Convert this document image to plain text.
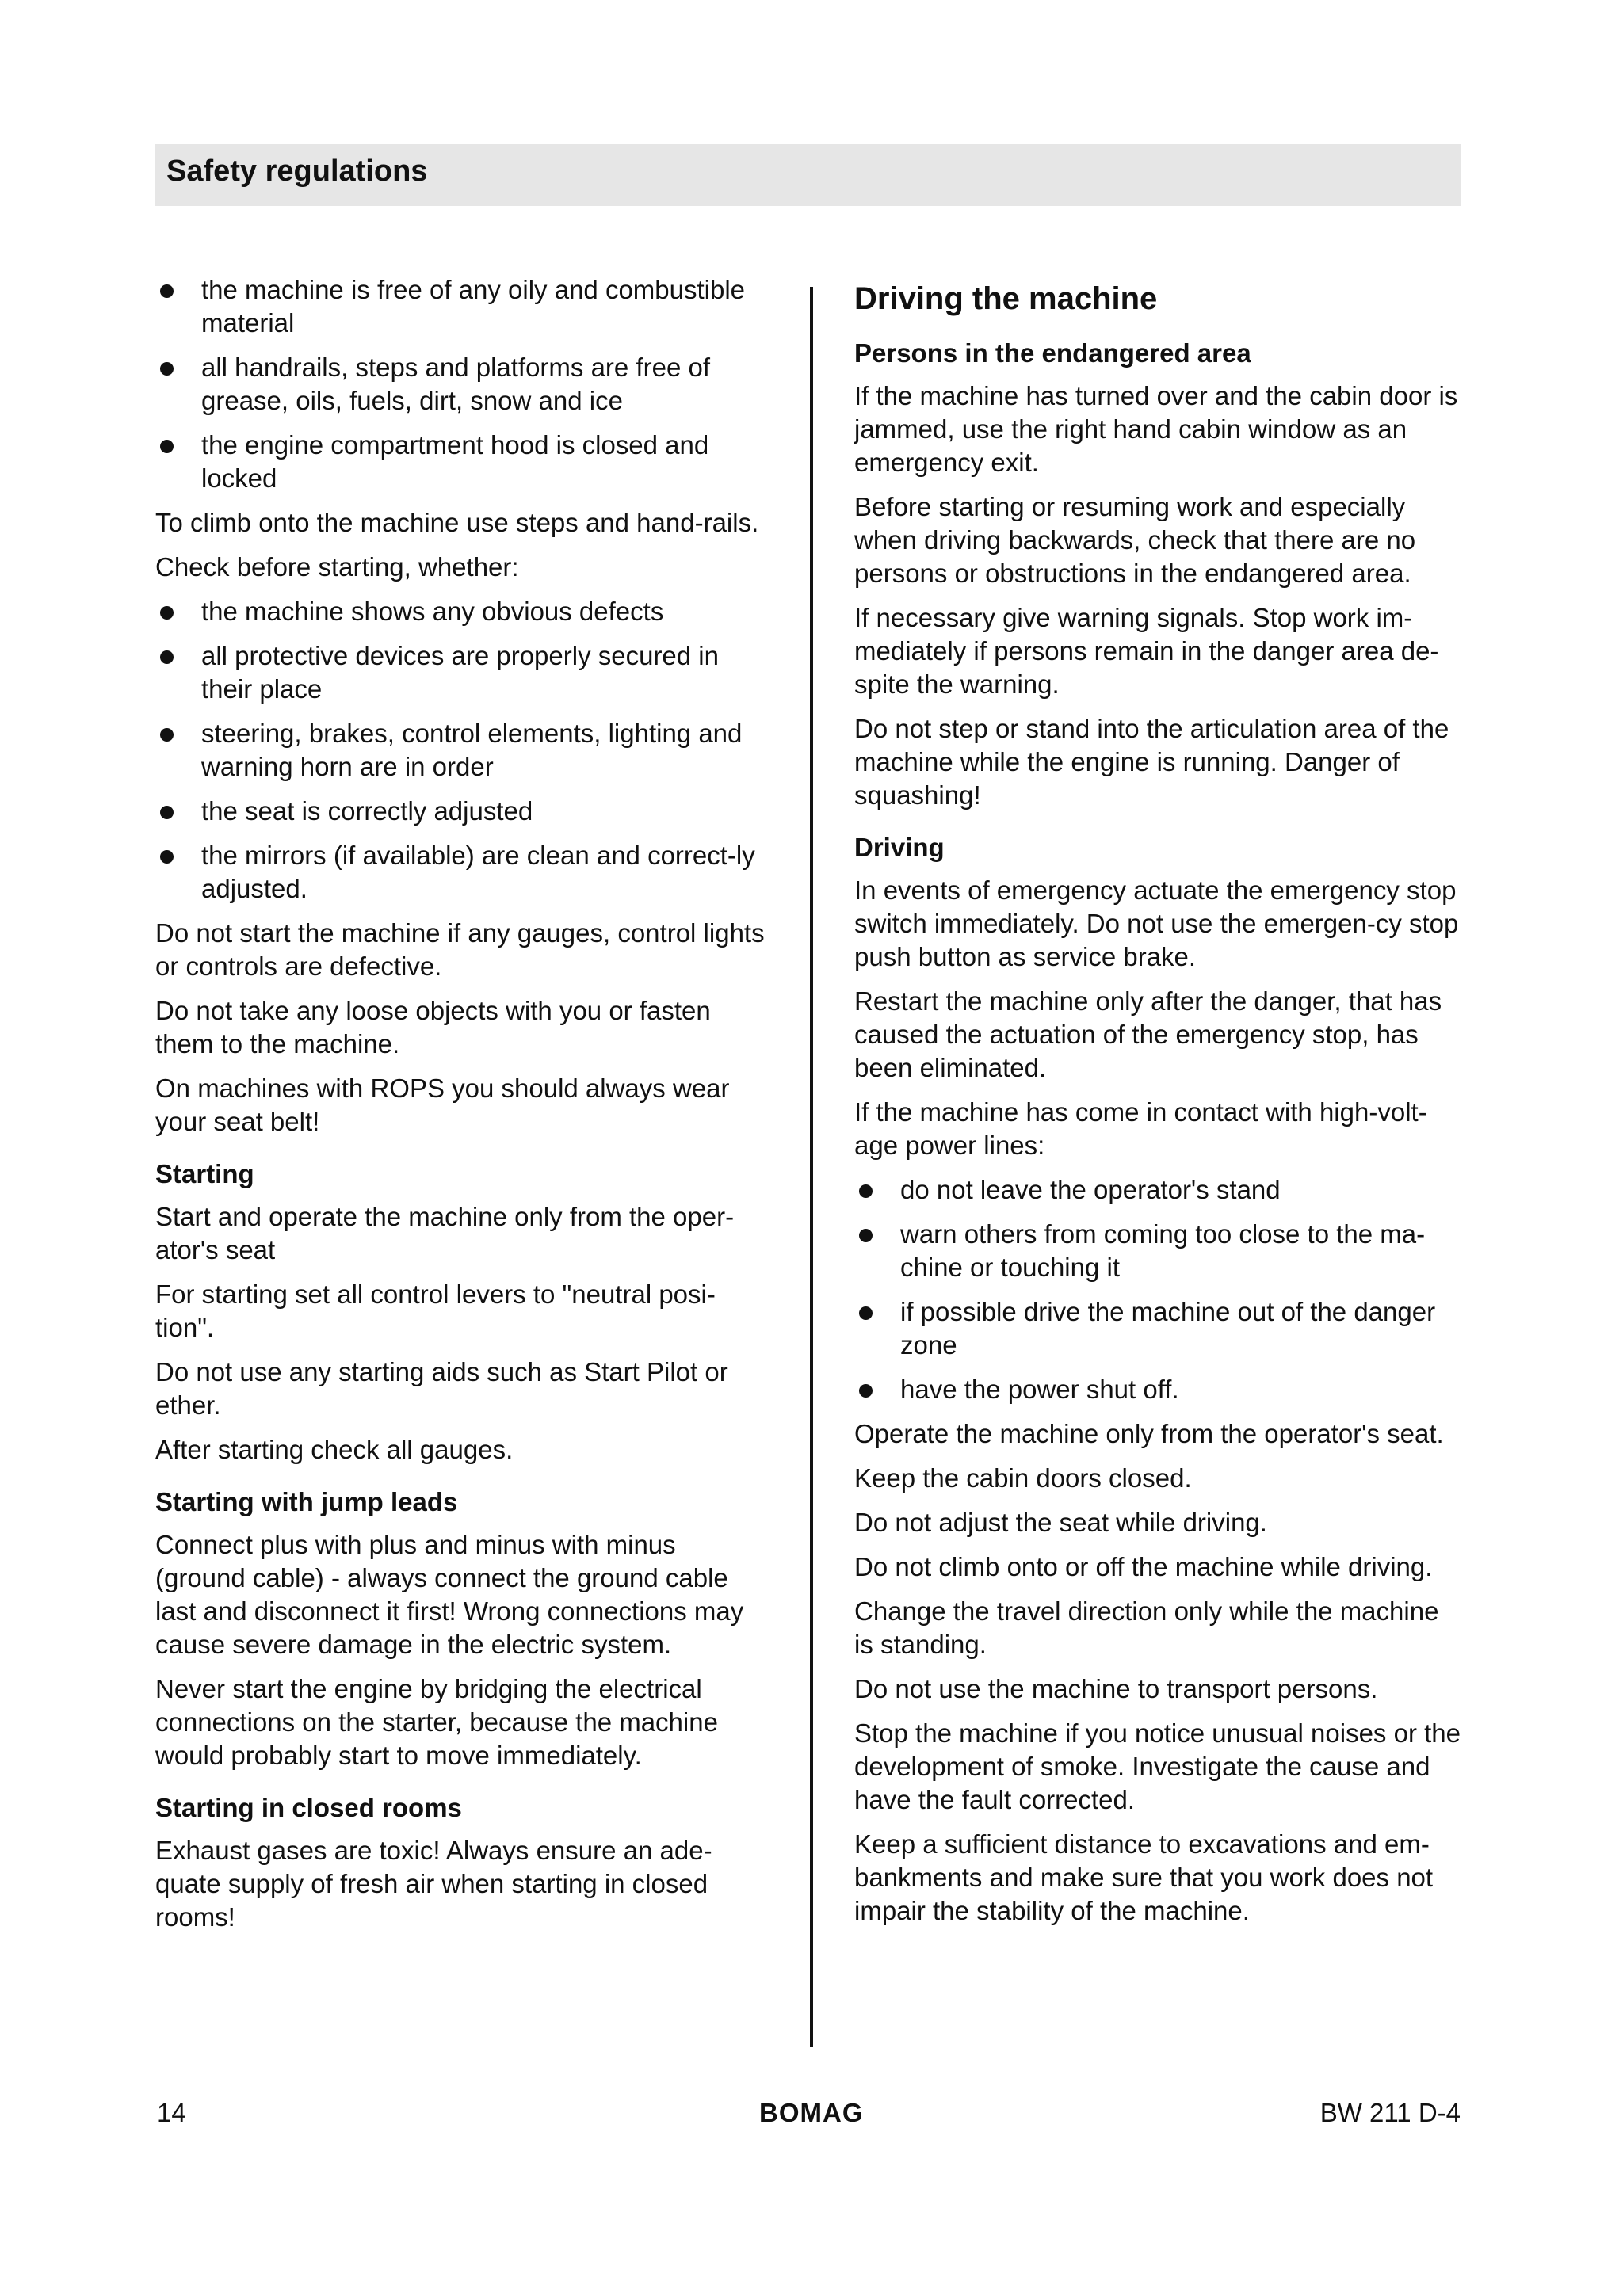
Safety regulations
the machine is free of any oily and combustible material
all handrails, steps and platforms are free of grease, oils, fuels, dirt, snow and ice
the engine compartment hood is closed and locked

To climb onto the machine use steps and hand-rails.

Check before starting, whether:

the machine shows any obvious defects
all protective devices are properly secured in their place
steering, brakes, control elements, lighting and warning horn are in order
the seat is correctly adjusted
the mirrors (if available) are clean and correct-ly adjusted.

Do not start the machine if any gauges, control lights or controls are defective.

Do not take any loose objects with you or fasten them to the machine.

On machines with ROPS you should always wear your seat belt!

Starting

Start and operate the machine only from the oper-ator's seat

For starting set all control levers to "neutral posi-tion".

Do not use any starting aids such as Start Pilot or ether.

After starting check all gauges.

Starting with jump leads

Connect plus with plus and minus with minus (ground cable) - always connect the ground cable last and disconnect it first! Wrong connections may cause severe damage in the electric system.

Never start the engine by bridging the electrical connections on the starter, because the machine would probably start to move immediately.

Starting in closed rooms

Exhaust gases are toxic! Always ensure an ade-quate supply of fresh air when starting in closed rooms!

Driving the machine
Persons in the endangered area

If the machine has turned over and the cabin door is jammed, use the right hand cabin window as an emergency exit.

Before starting or resuming work and especially when driving backwards, check that there are no persons or obstructions in the endangered area.

If necessary give warning signals. Stop work im-mediately if persons remain in the danger area de-spite the warning.

Do not step or stand into the articulation area of the machine while the engine is running. Danger of squashing!

Driving

In events of emergency actuate the emergency stop switch immediately. Do not use the emergen-cy stop push button as service brake.

Restart the machine only after the danger, that has caused the actuation of the emergency stop, has been eliminated.

If the machine has come in contact with high-volt-age power lines:

do not leave the operator's stand
warn others from coming too close to the ma-chine or touching it
if possible drive the machine out of the danger zone
have the power shut off.

Operate the machine only from the operator's seat.

Keep the cabin doors closed.

Do not adjust the seat while driving.

Do not climb onto or off the machine while driving.

Change the travel direction only while the machine is standing.

Do not use the machine to transport persons.

Stop the machine if you notice unusual noises or the development of smoke. Investigate the cause and have the fault corrected.

Keep a sufficient distance to excavations and em-bankments and make sure that you work does not impair the stability of the machine.

14	BOMAG	BW 211 D-4
